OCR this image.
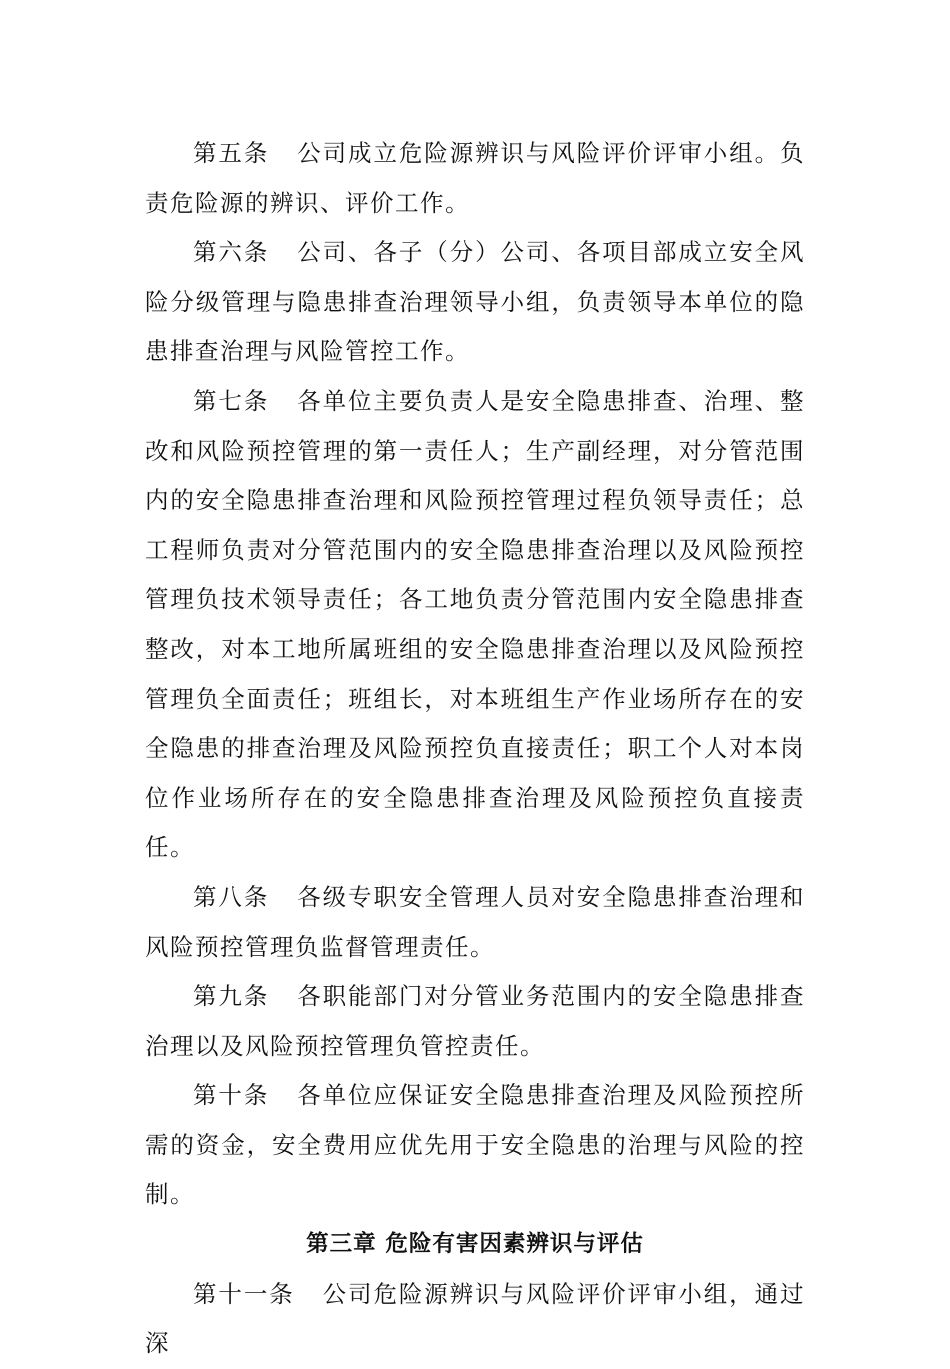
第五条 公司成立危险源辨识与风险评价评审小组。负责危险源的辨识、评价工作。

第六条 公司、各子（分）公司、各项目部成立安全风险分级管理与隐患排查治理领导小组，负责领导本单位的隐患排查治理与风险管控工作。

第七条 各单位主要负责人是安全隐患排查、治理、整改和风险预控管理的第一责任人；生产副经理，对分管范围内的安全隐患排查治理和风险预控管理过程负领导责任；总工程师负责对分管范围内的安全隐患排查治理以及风险预控管理负技术领导责任；各工地负责分管范围内安全隐患排查整改，对本工地所属班组的安全隐患排查治理以及风险预控管理负全面责任；班组长，对本班组生产作业场所存在的安全隐患的排查治理及风险预控负直接责任；职工个人对本岗位作业场所存在的安全隐患排查治理及风险预控负直接责任。

第八条 各级专职安全管理人员对安全隐患排查治理和风险预控管理负监督管理责任。

第九条 各职能部门对分管业务范围内的安全隐患排查治理以及风险预控管理负管控责任。

第十条 各单位应保证安全隐患排查治理及风险预控所需的资金，安全费用应优先用于安全隐患的治理与风险的控制。

第三章 危险有害因素辨识与评估

第十一条 公司危险源辨识与风险评价评审小组，通过深
